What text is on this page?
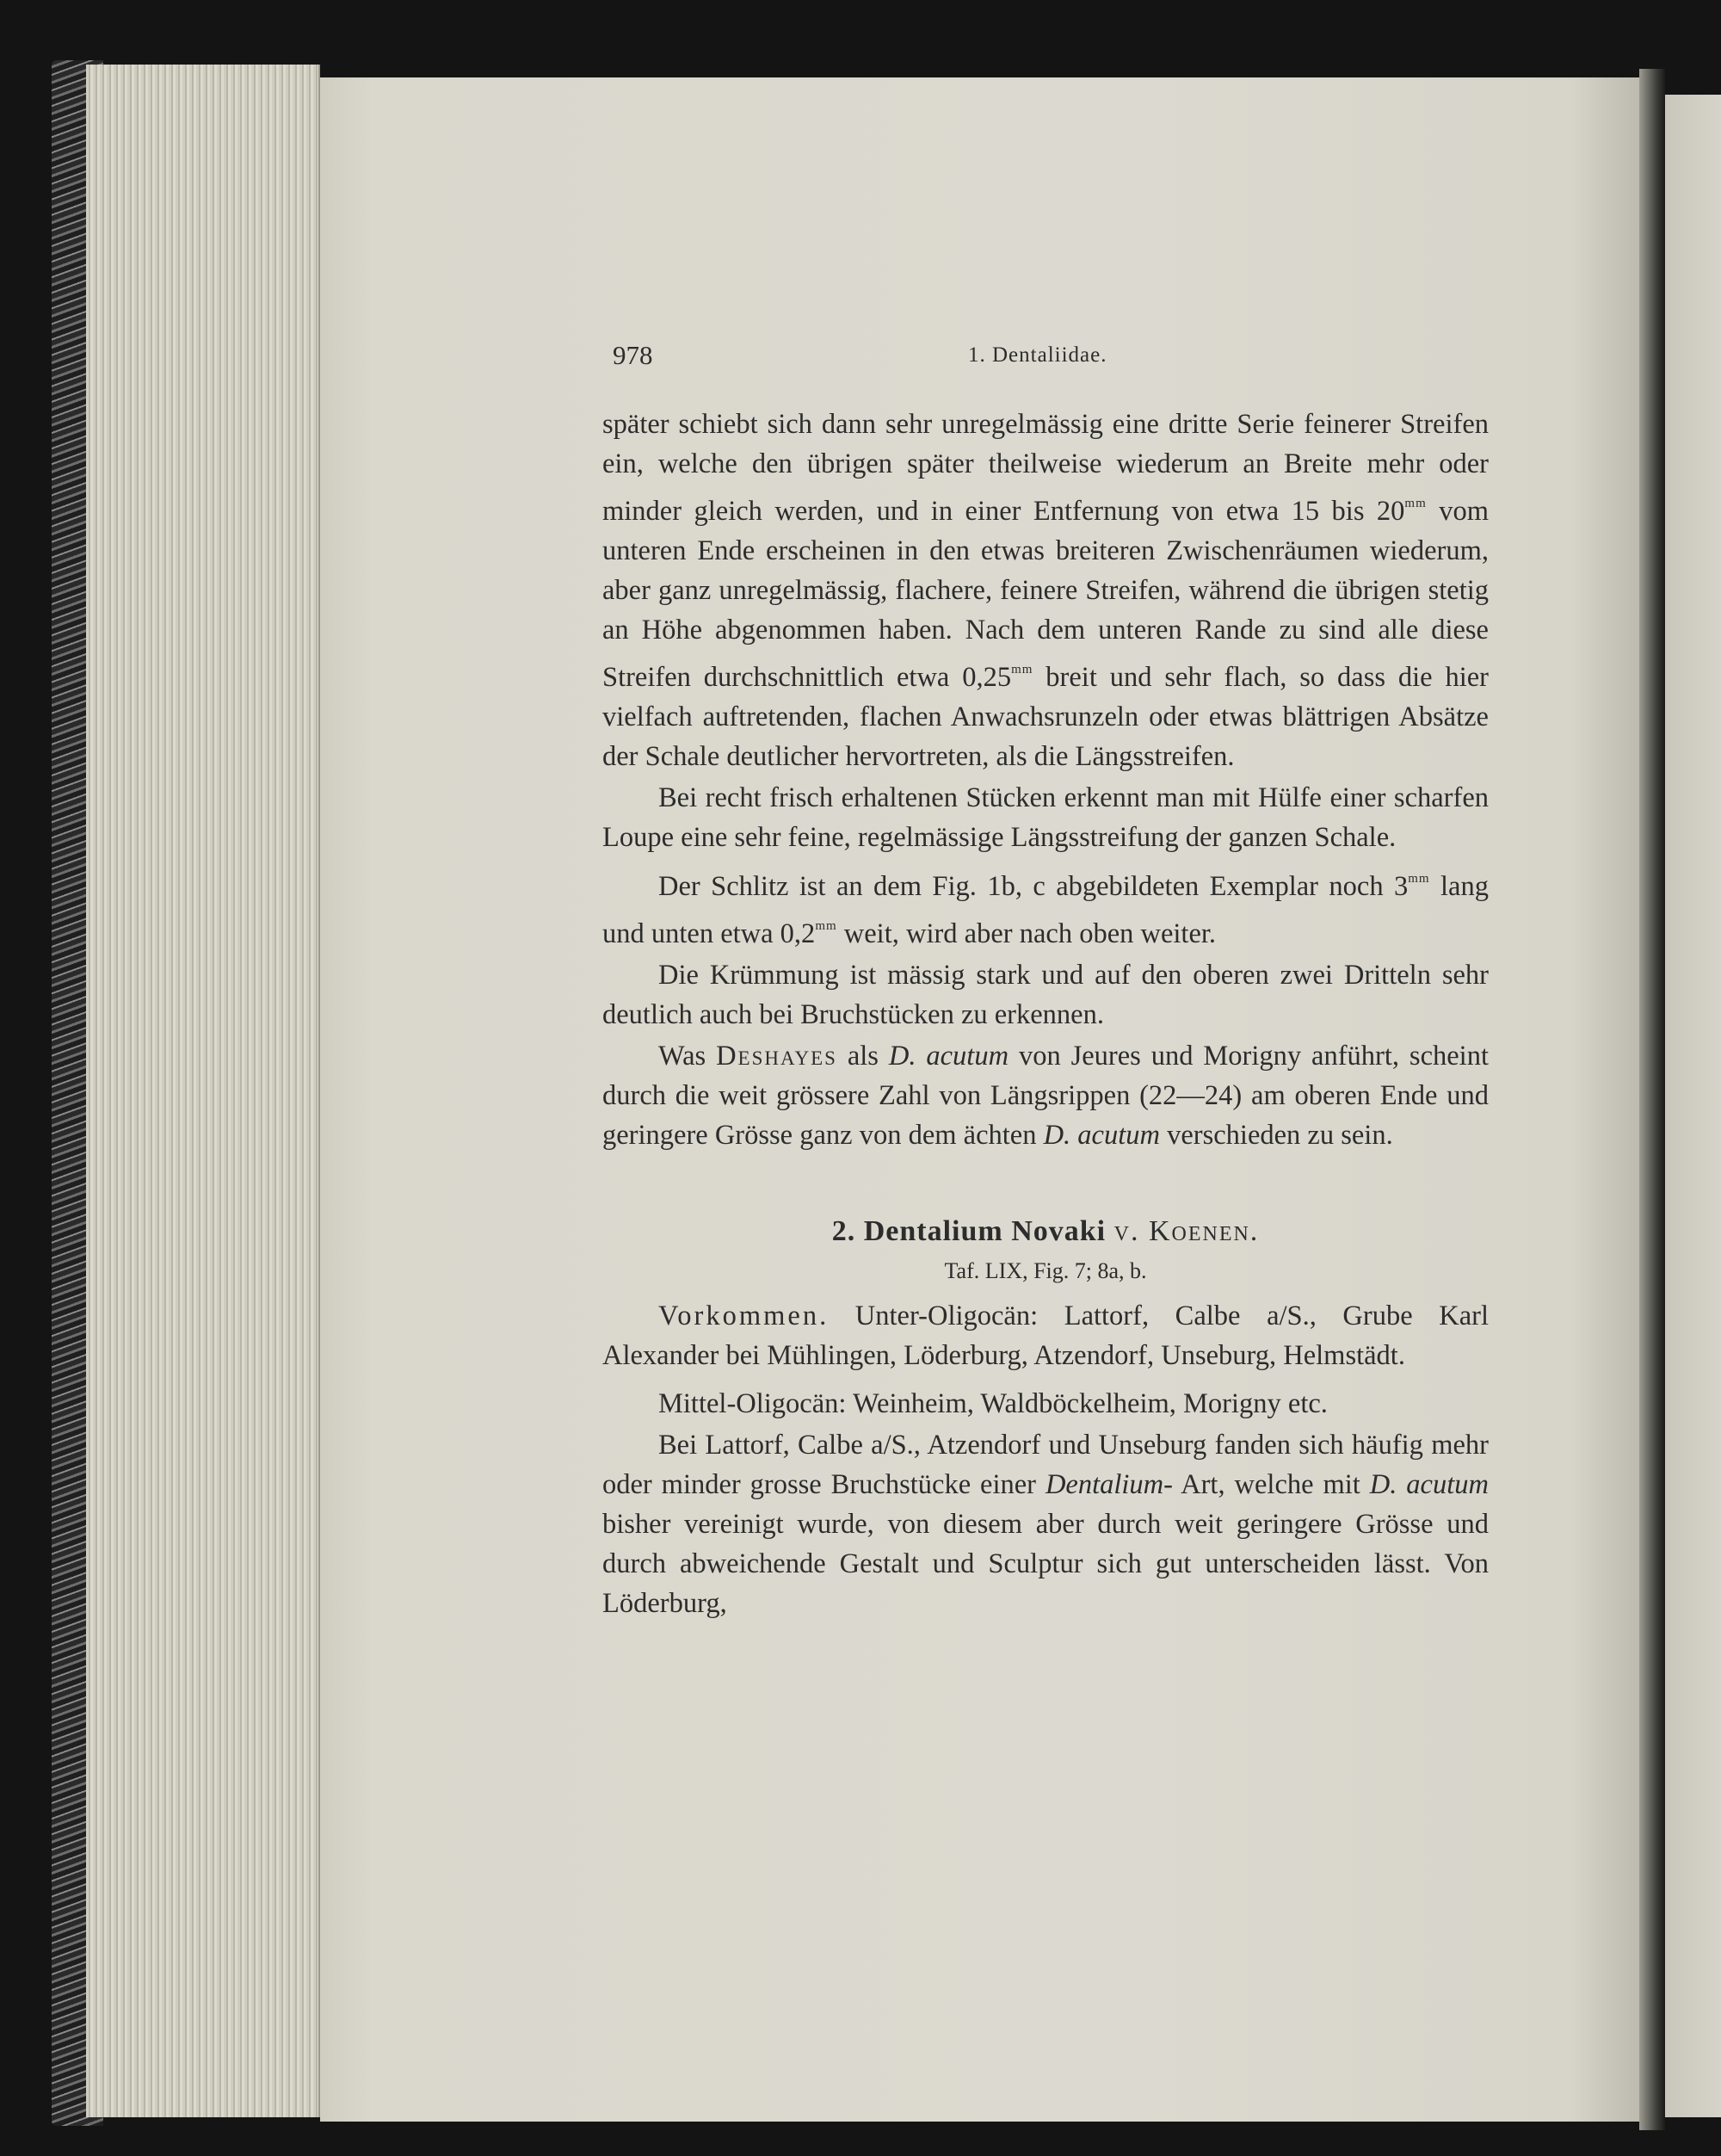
978	1. Dentaliidae.

später schiebt sich dann sehr unregelmässig eine dritte Serie feinerer Streifen ein, welche den übrigen später theilweise wiederum an Breite mehr oder minder gleich werden, und in einer Entfernung von etwa 15 bis $20^{mm}$ vom unteren Ende erscheinen in den etwas breiteren Zwischenräumen wiederum, aber ganz unregelmässig, flachere, feinere Streifen, während die übrigen stetig an Höhe abgenommen haben. Nach dem unteren Rande zu sind alle diese Streifen durchschnittlich etwa $0,25^{mm}$ breit und sehr flach, so dass die hier vielfach auftretenden, flachen Anwachsrunzeln oder etwas blättrigen Absätze der Schale deutlicher hervortreten, als die Längsstreifen.

Bei recht frisch erhaltenen Stücken erkennt man mit Hülfe einer scharfen Loupe eine sehr feine, regelmässige Längsstreifung der ganzen Schale.

Der Schlitz ist an dem Fig. 1b, c abgebildeten Exemplar noch $3^{mm}$ lang und unten etwa $0,2^{mm}$ weit, wird aber nach oben weiter.

Die Krümmung ist mässig stark und auf den oberen zwei Dritteln sehr deutlich auch bei Bruchstücken zu erkennen.

Was Deshayes als D. acutum von Jeures und Morigny anführt, scheint durch die weit grössere Zahl von Längsrippen (22—24) am oberen Ende und geringere Grösse ganz von dem ächten D. acutum verschieden zu sein.

2. Dentalium Novaki v. Koenen.
Taf. LIX, Fig. 7; 8a, b.

Vorkommen. Unter-Oligocän: Lattorf, Calbe a/S., Grube Karl Alexander bei Mühlingen, Löderburg, Atzendorf, Unseburg, Helmstädt.

Mittel-Oligocän: Weinheim, Waldböckelheim, Morigny etc.

Bei Lattorf, Calbe a/S., Atzendorf und Unseburg fanden sich häufig mehr oder minder grosse Bruchstücke einer Dentalium- Art, welche mit D. acutum bisher vereinigt wurde, von diesem aber durch weit geringere Grösse und durch abweichende Gestalt und Sculptur sich gut unterscheiden lässt. Von Löderburg,
